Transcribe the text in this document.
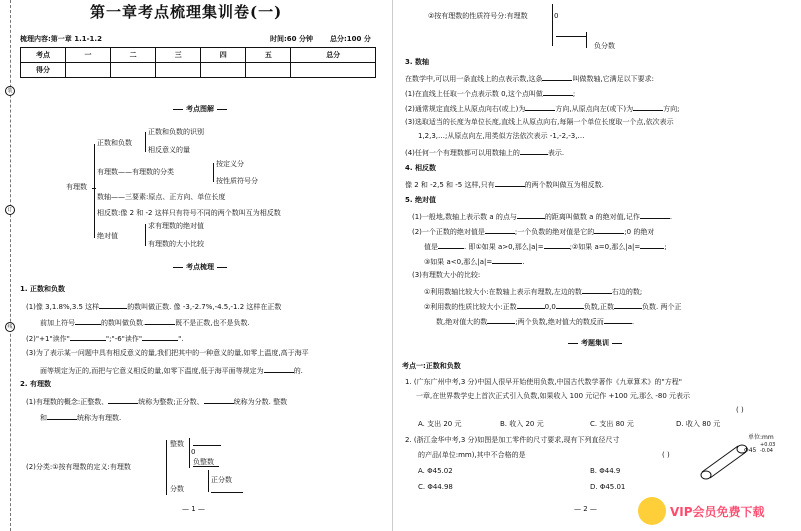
装
订
线
第一章考点梳理集训卷(一)
梳理内容:第一章 1.1-1.2	时间:60 分钟 总分:100 分
考点	一	二	三	四	五	总分
得分						
考点图解
有理数
正数和负数
正数和负数的识别
相反意义的量
有理数——有理数的分类
按定义分
按性质符号分
数轴——三要素:原点、正方向、单位长度
相反数:像 2 和 -2 这样只有符号不同的两个数叫互为相反数
绝对值
求有理数的绝对值
有理数的大小比较
考点梳理
1. 正数和负数
(1)像 3,1.8%,3.5 这样	的数叫做正数. 像 -3,-2.7%,-4.5,-1.2 这样在正数
前加上符号	的数叫做负数.	既不是正数,也不是负数.
(2)"+1"读作"	";"-6"读作"	".
(3)为了表示某一问题中具有相反意义的量,我们把其中的一种意义的量,如零上温度,高于海平
面等规定为正的,而把与它意义相反的量,如零下温度,低于海平面等规定为	的.
2. 有理数
(1)有理数的概念:正整数、	统称为整数;正分数、	统称为分数. 整数
和	统称为有理数.
(2)分类:①按有理数的定义:有理数
整数
0
负整数
正分数
分数
— 1 —
②按有理数的性质符号分:有理数	0
负分数
3. 数轴
在数学中,可以用一条直线上的点表示数,这条	叫做数轴,它满足以下要求:
(1)在直线上任取一个点表示数 0,这个点叫做	;
(2)通常规定直线上从原点向右(或上)为	方向,从原点向左(或下)为	方向;
(3)选取适当的长度为单位长度,直线上从原点向右,每隔一个单位长度取一个点,依次表示
1,2,3,…;从原点向左,用类似方法依次表示 -1,-2,-3,…
(4)任何一个有理数都可以用数轴上的	表示.
4. 相反数
像 2 和 -2,5 和 -5 这样,只有	的两个数叫做互为相反数.
5. 绝对值
(1)一般地,数轴上表示数 a 的点与	的距离叫做数 a 的绝对值,记作	.
(2)一个正数的绝对值是	;一个负数的绝对值是它的	;0 的绝对
值是	. 即①如果 a>0,那么|a|=	;②如果 a=0,那么|a|=	;
③如果 a<0,那么|a|=	.
(3)有理数大小的比较:
①利用数轴比较大小:在数轴上表示有理数,左边的数	右边的数;
②利用数的性质比较大小:正数	0,0	负数,正数	负数. 两个正
数,绝对值大的数	;两个负数,绝对值大的数反而	.
考题集训
考点一:正数和负数
1. (广东广州中考,3 分)中国人很早开始使用负数,中国古代数学著作《九章算术》的"方程"
一章,在世界数学史上首次正式引入负数,如果收入 100 元记作 +100 元,那么 -80 元表示
( )
A. 支出 20 元	B. 收入 20 元	C. 支出 80 元	D. 收入 80 元
2. (浙江金华中考,3 分)如图是加工零件的尺寸要求,现有下列直径尺寸
的产品(单位:mm),其中不合格的是	( )
A. Φ45.02	B. Φ44.9
C. Φ44.98	D. Φ45.01
单位:mm
Φ45
+0.03
-0.04
— 2 —	VIP会员免费下载
